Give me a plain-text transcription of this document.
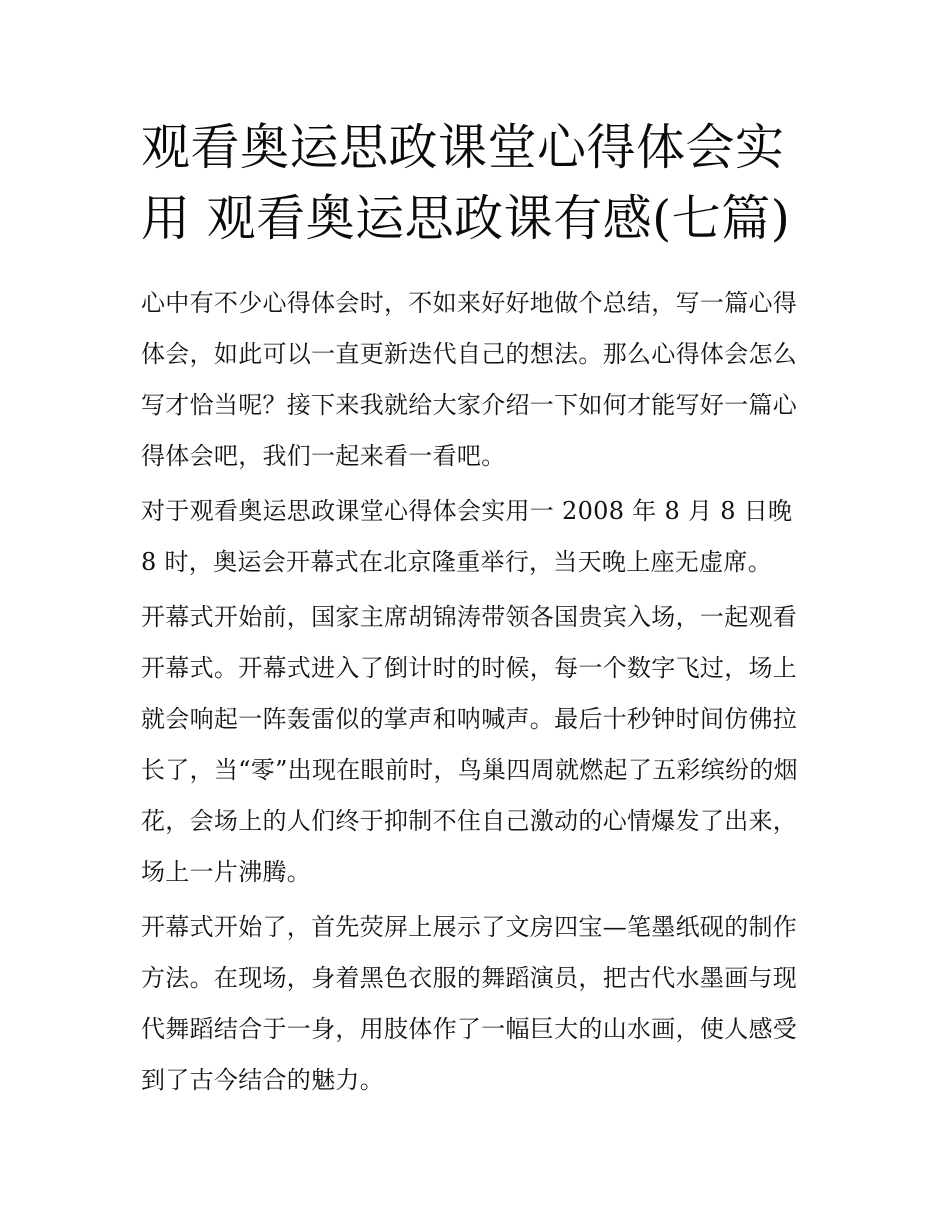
观看奥运思政课堂心得体会实用 观看奥运思政课有感(七篇)

心中有不少心得体会时，不如来好好地做个总结，写一篇心得体会，如此可以一直更新迭代自己的想法。那么心得体会怎么写才恰当呢？接下来我就给大家介绍一下如何才能写好一篇心得体会吧，我们一起来看一看吧。

对于观看奥运思政课堂心得体会实用一 2008 年 8 月 8 日晚 8 时，奥运会开幕式在北京隆重举行，当天晚上座无虚席。

开幕式开始前，国家主席胡锦涛带领各国贵宾入场，一起观看开幕式。开幕式进入了倒计时的时候，每一个数字飞过，场上就会响起一阵轰雷似的掌声和呐喊声。最后十秒钟时间仿佛拉长了，当“零”出现在眼前时，鸟巢四周就燃起了五彩缤纷的烟花，会场上的人们终于抑制不住自己激动的心情爆发了出来，场上一片沸腾。

开幕式开始了，首先荧屏上展示了文房四宝—笔墨纸砚的制作方法。在现场，身着黑色衣服的舞蹈演员，把古代水墨画与现代舞蹈结合于一身，用肢体作了一幅巨大的山水画，使人感受到了古今结合的魅力。
